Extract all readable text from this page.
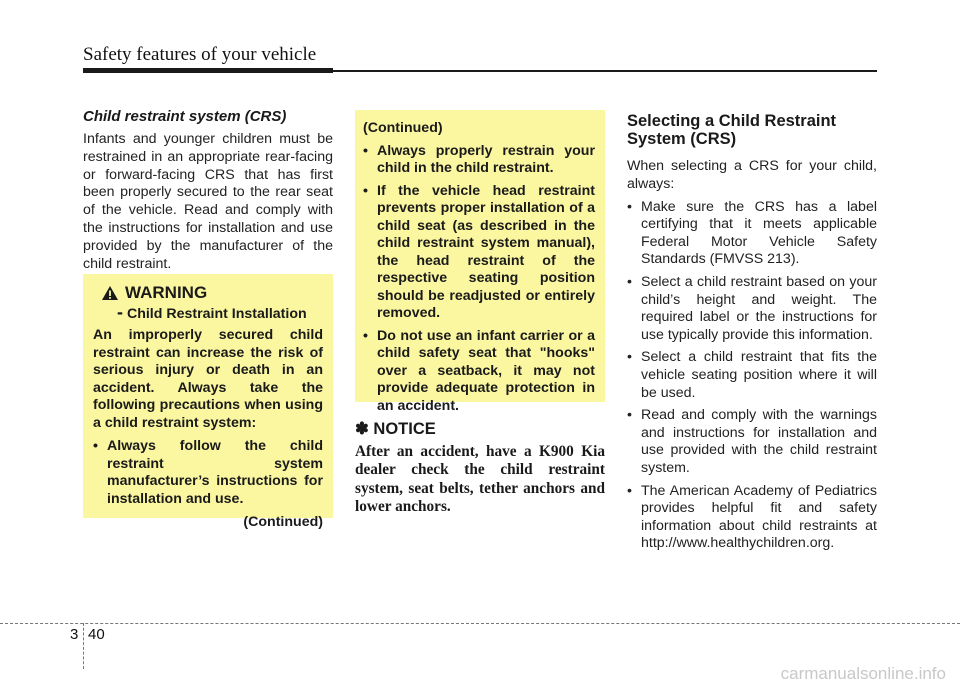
Safety features of your vehicle

Child restraint system (CRS)

Infants and younger children must be restrained in an appropriate rear-facing or forward-facing CRS that has first been properly secured to the rear seat of the vehicle. Read and comply with the instructions for installation and use provided by the manufacturer of the child restraint.

WARNING
- Child Restraint Installation
An improperly secured child restraint can increase the risk of serious injury or death in an accident. Always take the following precautions when using a child restraint system:
• Always follow the child restraint system manufacturer’s instructions for installation and use.
(Continued)
(Continued)
• Always properly restrain your child in the child restraint.
• If the vehicle head restraint prevents proper installation of a child seat (as described in the child restraint system manual), the head restraint of the respective seating position should be readjusted or entirely removed.
• Do not use an infant carrier or a child safety seat that "hooks" over a seatback, it may not provide adequate protection in an accident.
✽ NOTICE
After an accident, have a K900 Kia dealer check the child restraint system, seat belts, tether anchors and lower anchors.
Selecting a Child Restraint System (CRS)

When selecting a CRS for your child, always:

• Make sure the CRS has a label certifying that it meets applicable Federal Motor Vehicle Safety Standards (FMVSS 213).
• Select a child restraint based on your child’s height and weight. The required label or the instructions for use typically provide this information.
• Select a child restraint that fits the vehicle seating position where it will be used.
• Read and comply with the warnings and instructions for installation and use provided with the child restraint system.
• The American Academy of Pediatrics provides helpful fit and safety information about child restraints at http://www.healthychildren.org.
3 40
carmanualsonline.info
